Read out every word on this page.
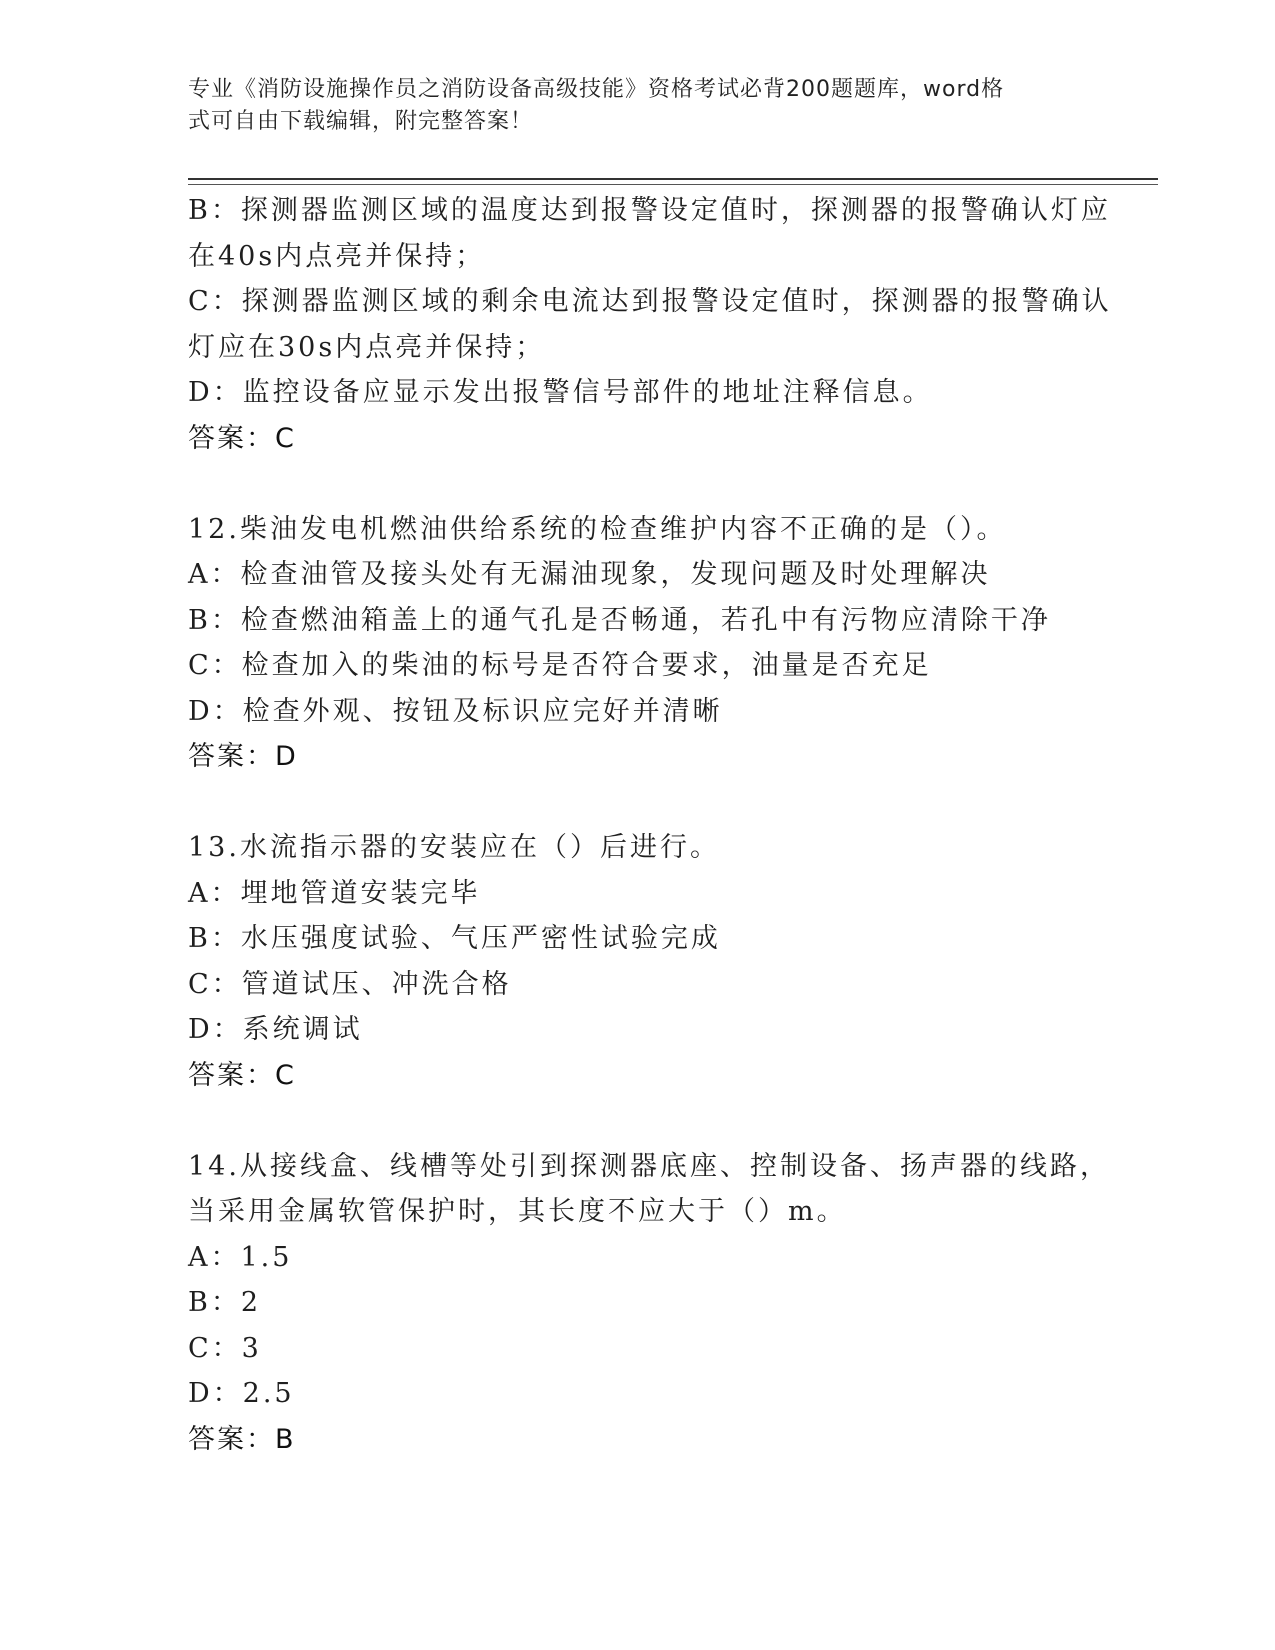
专业《消防设施操作员之消防设备高级技能》资格考试必背200题题库，word格
式可自由下载编辑，附完整答案！
B：探测器监测区域的温度达到报警设定值时，探测器的报警确认灯应
在40s内点亮并保持；
C：探测器监测区域的剩余电流达到报警设定值时，探测器的报警确认
灯应在30s内点亮并保持；
D：监控设备应显示发出报警信号部件的地址注释信息。
答案：C
12.柴油发电机燃油供给系统的检查维护内容不正确的是（）。
A：检查油管及接头处有无漏油现象，发现问题及时处理解决
B：检查燃油箱盖上的通气孔是否畅通，若孔中有污物应清除干净
C：检查加入的柴油的标号是否符合要求，油量是否充足
D：检查外观、按钮及标识应完好并清晰
答案：D
13.水流指示器的安装应在（）后进行。
A：埋地管道安装完毕
B：水压强度试验、气压严密性试验完成
C：管道试压、冲洗合格
D：系统调试
答案：C
14.从接线盒、线槽等处引到探测器底座、控制设备、扬声器的线路，
当采用金属软管保护时，其长度不应大于（）m。
A：1.5
B：2
C：3
D：2.5
答案：B
